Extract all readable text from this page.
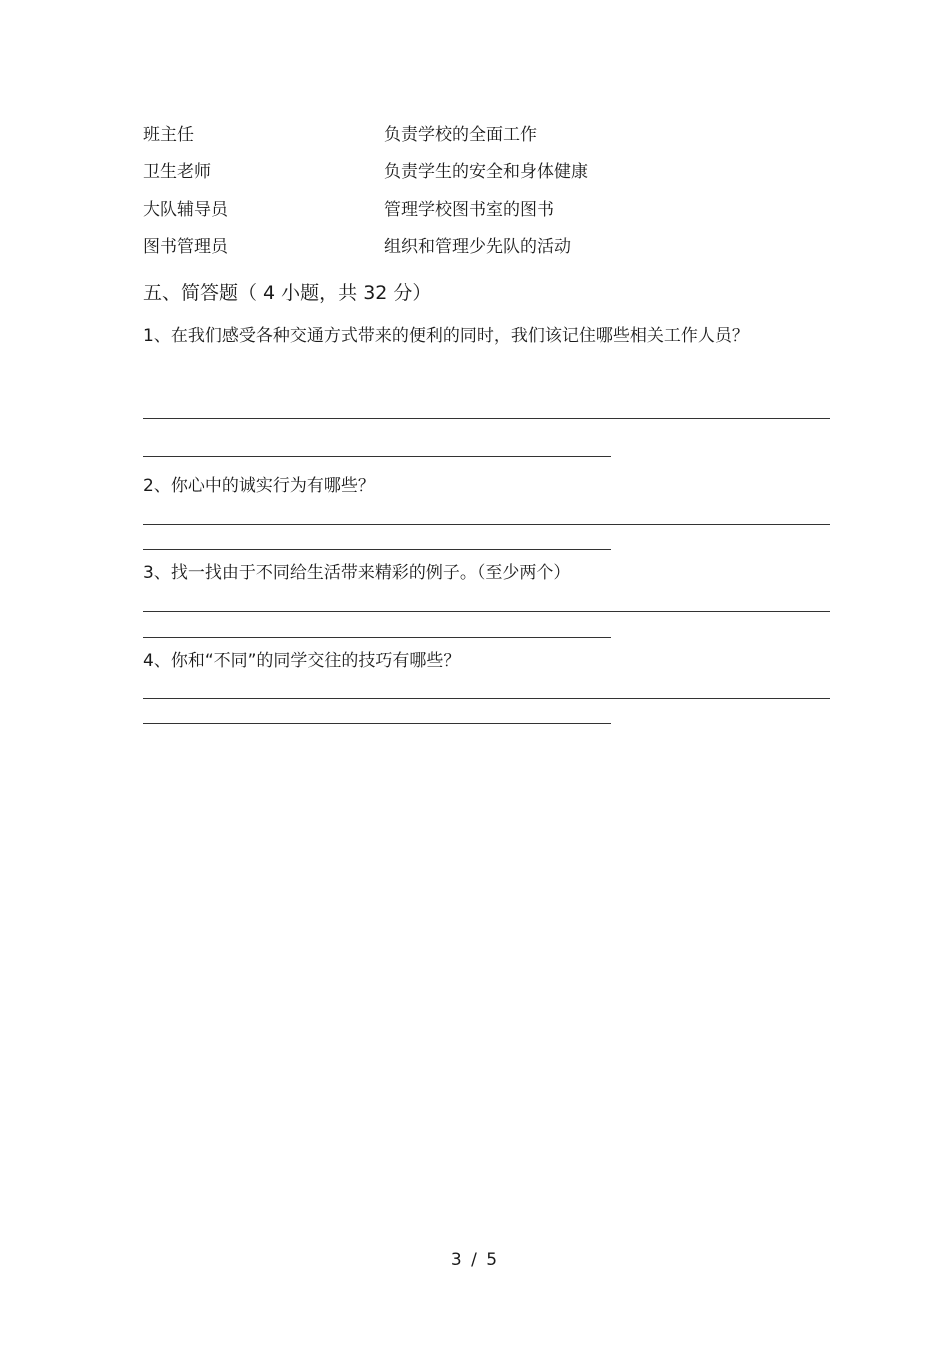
班主任	负责学校的全面工作
卫生老师	负责学生的安全和身体健康
大队辅导员	管理学校图书室的图书
图书管理员	组织和管理少先队的活动
五、简答题（ 4 小题，共 32 分）
1、在我们感受各种交通方式带来的便利的同时，我们该记住哪些相关工作人员？
2、你心中的诚实行为有哪些？
3、找一找由于不同给生活带来精彩的例子。（至少两个）
4、你和“不同”的同学交往的技巧有哪些？
3 / 5
